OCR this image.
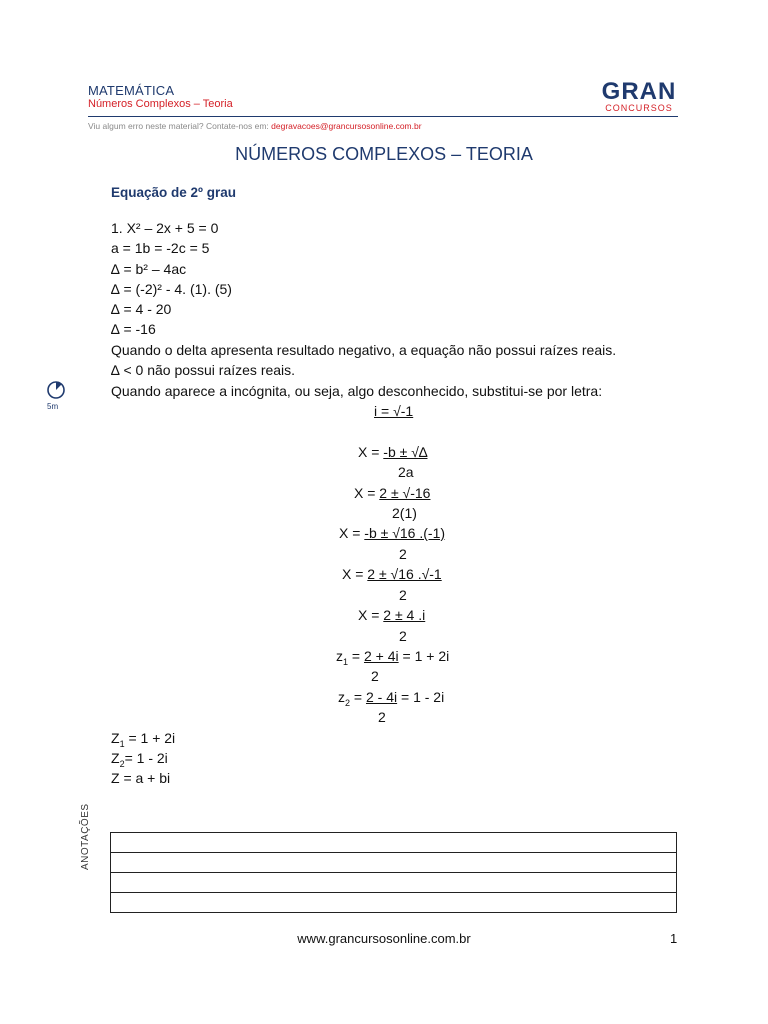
MATEMÁTICA
Números Complexos – Teoria
Viu algum erro neste material? Contate-nos em: degravacoes@grancursosonline.com.br
GRAN
CONCURSOS
NÚMEROS COMPLEXOS – TEORIA
Equação de 2º grau
1. X² – 2x + 5 = 0
a = 1b = -2c = 5
∆ = b² – 4ac
∆ = (-2)² - 4. (1). (5)
∆ = 4 - 20
∆ = -16
Quando o delta apresenta resultado negativo, a equação não possui raízes reais.
∆ < 0 não possui raízes reais.
Quando aparece a incógnita, ou seja, algo desconhecido, substitui-se por letra:
i = √-1
X = -b ± √∆
2a
X = 2 ± √-16
2(1)
X = -b ± √16 .(-1)
2
X = 2 ± √16 .√-1
2
X = 2 ± 4 .i
2
$z_1 = 2 + 4i = 1 + 2i$
2
$z_2 = 2 - 4i = 1 - 2i$
2
$Z_1 = 1 + 2i$
$Z_2= 1 - 2i$
Z = a + bi
5m
ANOTAÇÕES
www.grancursosonline.com.br	1
